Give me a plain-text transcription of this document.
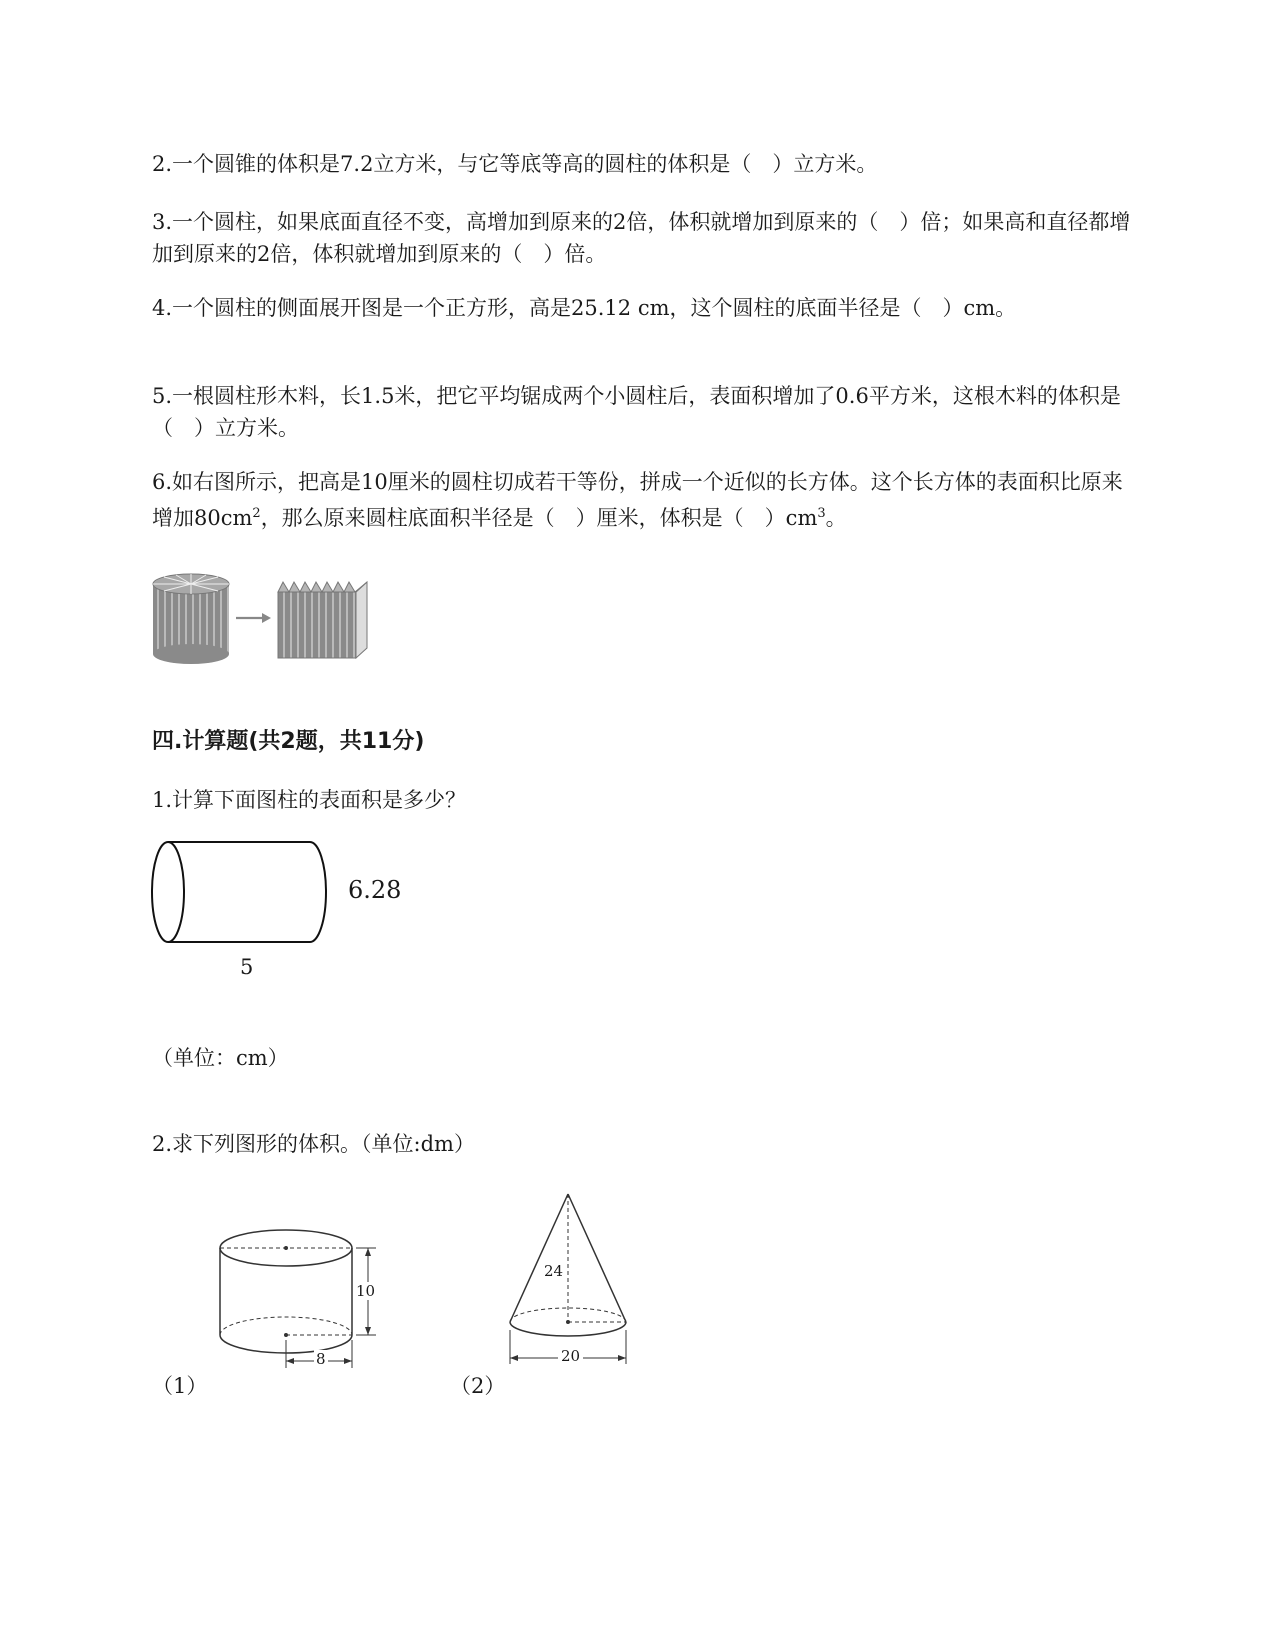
2.一个圆锥的体积是7.2立方米，与它等底等高的圆柱的体积是（　）立方米。

3.一个圆柱，如果底面直径不变，高增加到原来的2倍，体积就增加到原来的（　）倍；如果高和直径都增加到原来的2倍，体积就增加到原来的（　）倍。

4.一个圆柱的侧面展开图是一个正方形，高是25.12 cm，这个圆柱的底面半径是（　）cm。

5.一根圆柱形木料，长1.5米，把它平均锯成两个小圆柱后，表面积增加了0.6平方米，这根木料的体积是（　）立方米。

6.如右图所示，把高是10厘米的圆柱切成若干等份，拼成一个近似的长方体。这个长方体的表面积比原来增加$80cm^2$，那么原来圆柱底面积半径是（　）厘米，体积是（　）$cm^3$。

四.计算题(共2题，共11分)

1.计算下面图柱的表面积是多少？

6.28
5

（单位：cm）

2.求下列图形的体积。（单位:dm）

10
8
（1）
24
20
（2）
